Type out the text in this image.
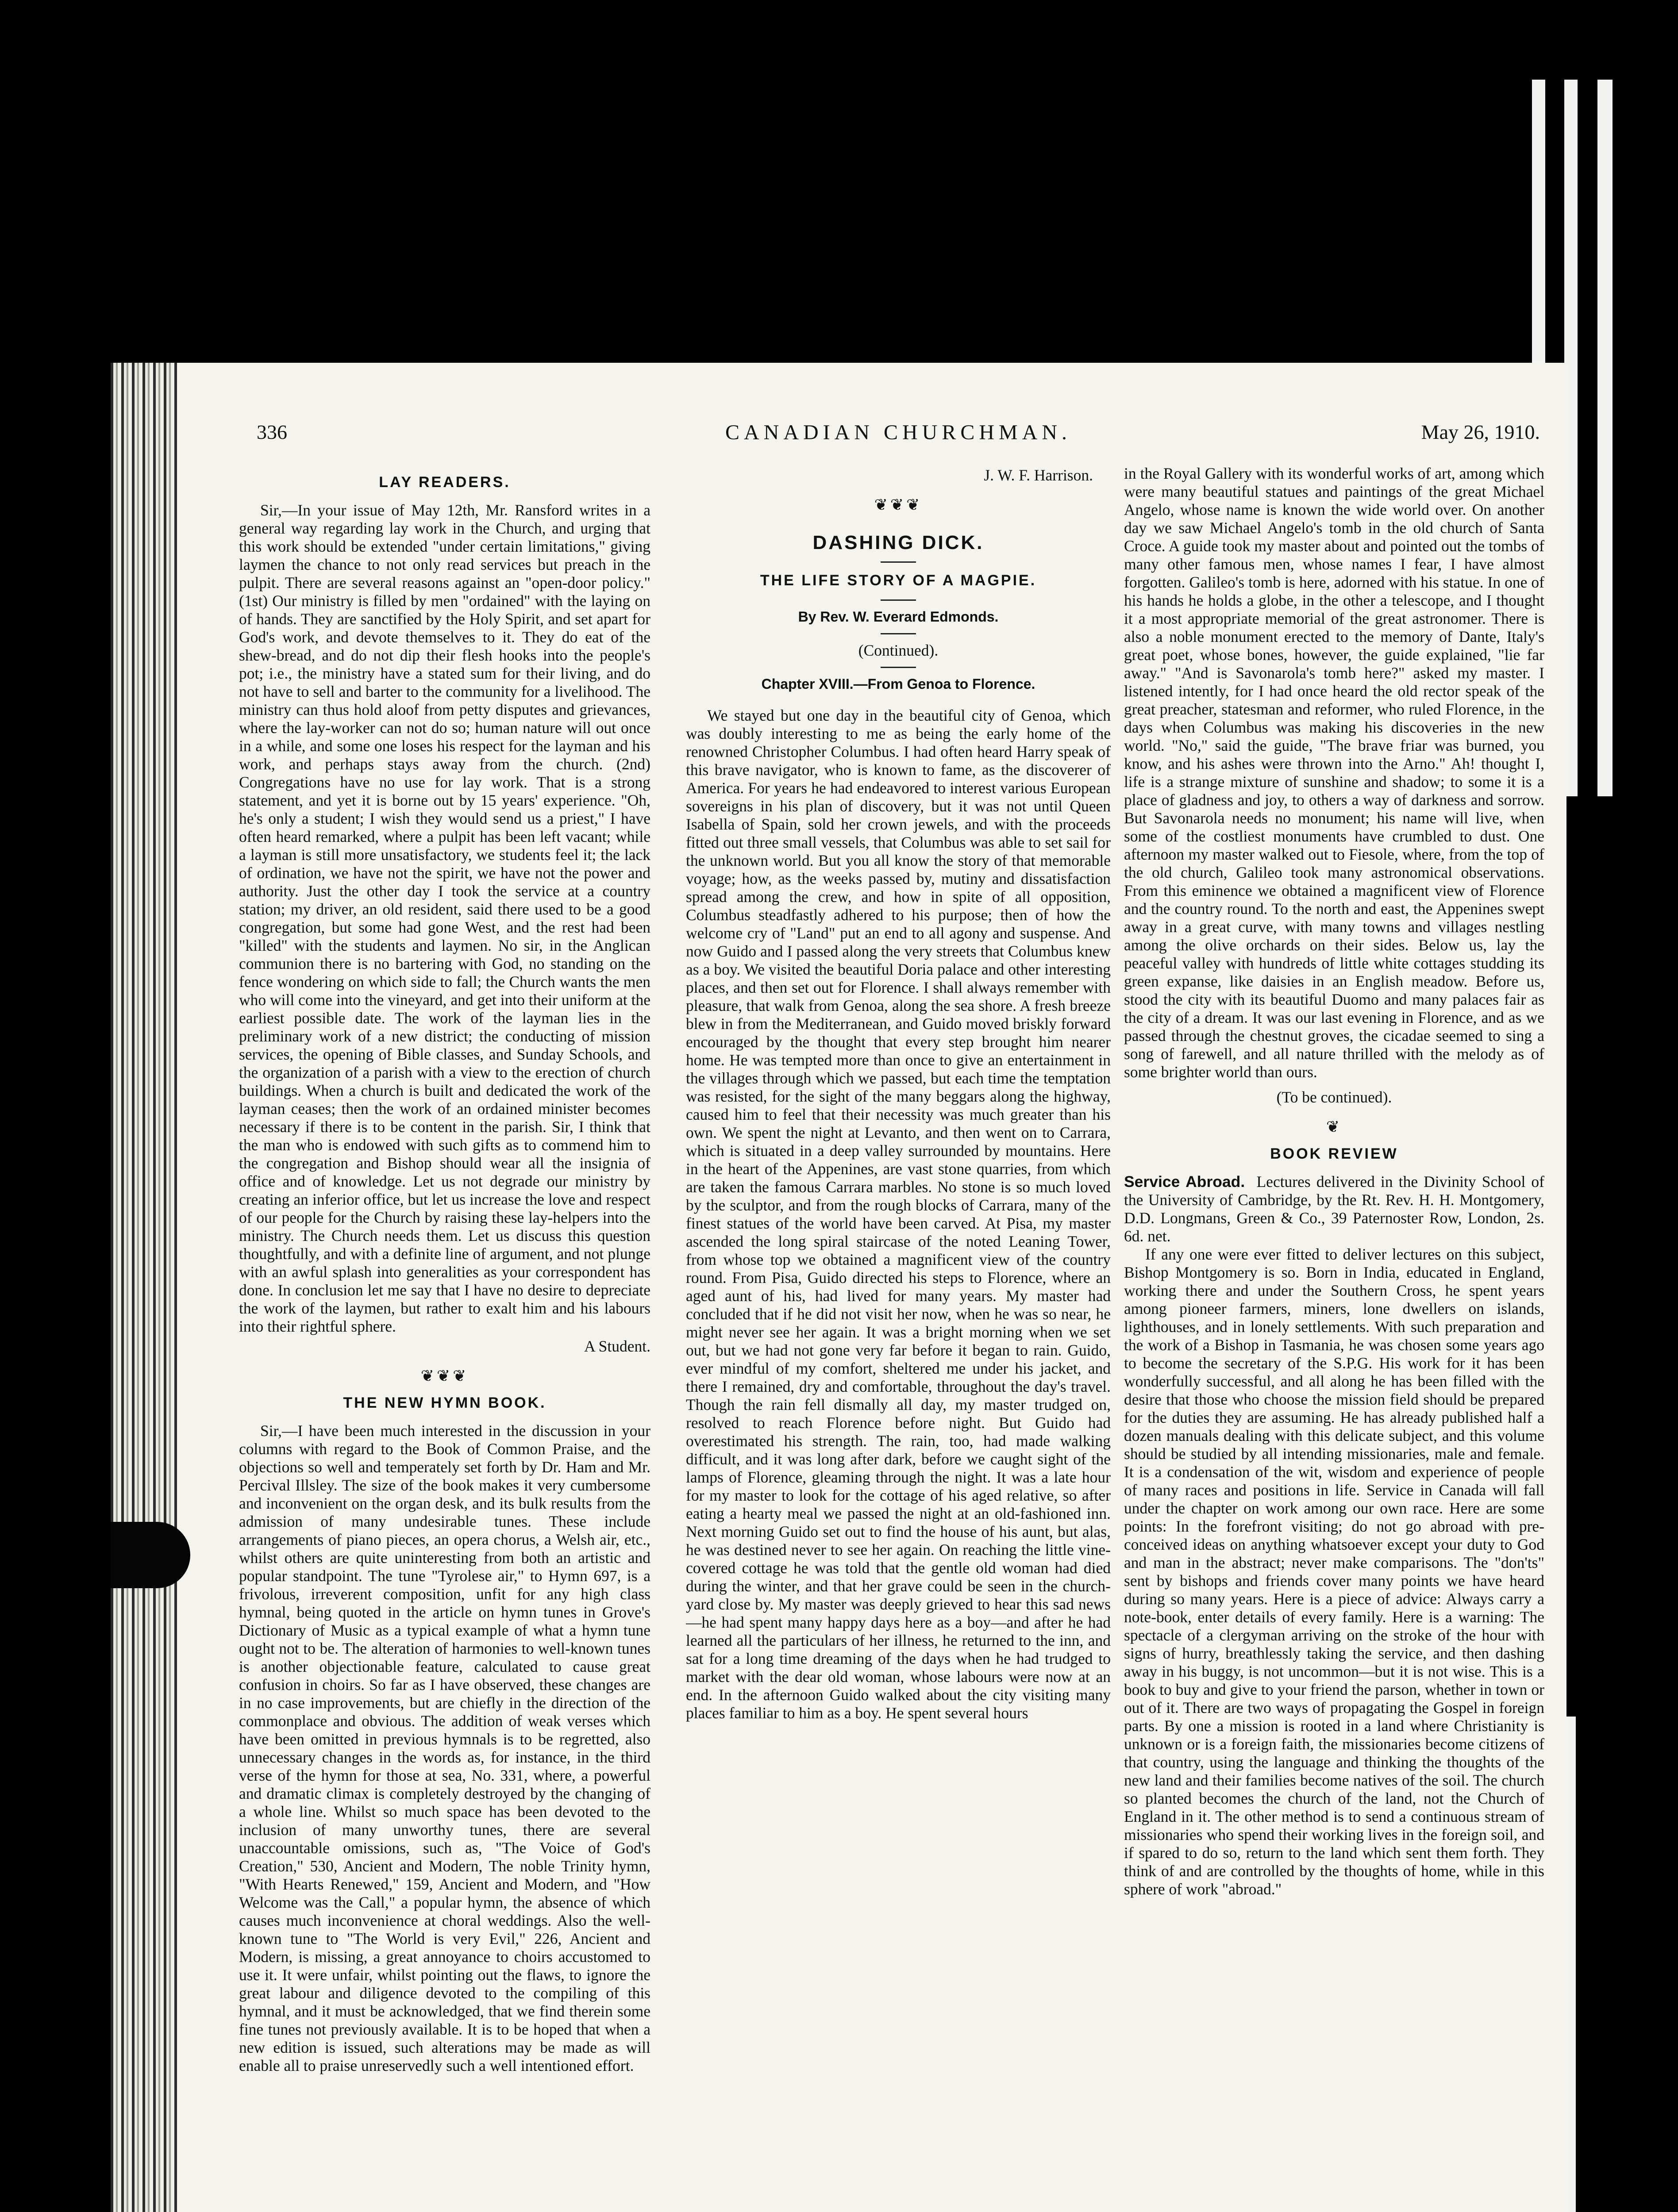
336	CANADIAN CHURCHMAN.	May 26, 1910.
LAY READERS.

Sir,—In your issue of May 12th, Mr. Ransford writes in a general way regarding lay work in the Church, and urging that this work should be extended "under certain limitations," giving laymen the chance to not only read services but preach in the pulpit. There are several reasons against an "open-door policy." (1st) Our ministry is filled by men "ordained" with the laying on of hands. They are sanctified by the Holy Spirit, and set apart for God's work, and devote themselves to it. They do eat of the shew-bread, and do not dip their flesh hooks into the people's pot; i.e., the ministry have a stated sum for their living, and do not have to sell and barter to the community for a livelihood. The ministry can thus hold aloof from petty disputes and grievances, where the lay-worker can not do so; human nature will out once in a while, and some one loses his respect for the layman and his work, and perhaps stays away from the church. (2nd) Congregations have no use for lay work. That is a strong statement, and yet it is borne out by 15 years' experience. "Oh, he's only a student; I wish they would send us a priest," I have often heard remarked, where a pulpit has been left vacant; while a layman is still more unsatisfactory, we students feel it; the lack of ordination, we have not the spirit, we have not the power and authority. Just the other day I took the service at a country station; my driver, an old resident, said there used to be a good congregation, but some had gone West, and the rest had been "killed" with the students and laymen. No sir, in the Anglican communion there is no bartering with God, no standing on the fence wondering on which side to fall; the Church wants the men who will come into the vineyard, and get into their uniform at the earliest possible date. The work of the layman lies in the preliminary work of a new district; the conducting of mission services, the opening of Bible classes, and Sunday Schools, and the organization of a parish with a view to the erection of church buildings. When a church is built and dedicated the work of the layman ceases; then the work of an ordained minister becomes necessary if there is to be content in the parish. Sir, I think that the man who is endowed with such gifts as to commend him to the congregation and Bishop should wear all the insignia of office and of knowledge. Let us not degrade our ministry by creating an inferior office, but let us increase the love and respect of our people for the Church by raising these lay-helpers into the ministry. The Church needs them. Let us discuss this question thoughtfully, and with a definite line of argument, and not plunge with an awful splash into generalities as your correspondent has done. In conclusion let me say that I have no desire to depreciate the work of the laymen, but rather to exalt him and his labours into their rightful sphere.

A Student.
❦❦❦
THE NEW HYMN BOOK.

Sir,—I have been much interested in the discussion in your columns with regard to the Book of Common Praise, and the objections so well and temperately set forth by Dr. Ham and Mr. Percival Illsley. The size of the book makes it very cumbersome and inconvenient on the organ desk, and its bulk results from the admission of many undesirable tunes. These include arrangements of piano pieces, an opera chorus, a Welsh air, etc., whilst others are quite uninteresting from both an artistic and popular standpoint. The tune "Tyrolese air," to Hymn 697, is a frivolous, irreverent composition, unfit for any high class hymnal, being quoted in the article on hymn tunes in Grove's Dictionary of Music as a typical example of what a hymn tune ought not to be. The alteration of harmonies to well-known tunes is another objectionable feature, calculated to cause great confusion in choirs. So far as I have observed, these changes are in no case improvements, but are chiefly in the direction of the commonplace and obvious. The addition of weak verses which have been omitted in previous hymnals is to be regretted, also unnecessary changes in the words as, for instance, in the third verse of the hymn for those at sea, No. 331, where, a powerful and dramatic climax is completely destroyed by the changing of a whole line. Whilst so much space has been devoted to the inclusion of many unworthy tunes, there are several unaccountable omissions, such as, "The Voice of God's Creation," 530, Ancient and Modern, The noble Trinity hymn, "With Hearts Renewed," 159, Ancient and Modern, and "How Welcome was the Call," a popular hymn, the absence of which causes much inconvenience at choral weddings. Also the well-known tune to "The World is very Evil," 226, Ancient and Modern, is missing, a great annoyance to choirs accustomed to use it. It were unfair, whilst pointing out the flaws, to ignore the great labour and diligence devoted to the compiling of this hymnal, and it must be acknowledged, that we find therein some fine tunes not previously available. It is to be hoped that when a new edition is issued, such alterations may be made as will enable all to praise unreservedly such a well intentioned effort.

J. W. F. Harrison.
❦❦❦
DASHING DICK.
THE LIFE STORY OF A MAGPIE.
By Rev. W. Everard Edmonds.
(Continued).
Chapter XVIII.—From Genoa to Florence.

We stayed but one day in the beautiful city of Genoa, which was doubly interesting to me as being the early home of the renowned Christopher Columbus. I had often heard Harry speak of this brave navigator, who is known to fame, as the discoverer of America. For years he had endeavored to interest various European sovereigns in his plan of discovery, but it was not until Queen Isabella of Spain, sold her crown jewels, and with the proceeds fitted out three small vessels, that Columbus was able to set sail for the unknown world. But you all know the story of that memorable voyage; how, as the weeks passed by, mutiny and dissatisfaction spread among the crew, and how in spite of all opposition, Columbus steadfastly adhered to his purpose; then of how the welcome cry of "Land" put an end to all agony and suspense. And now Guido and I passed along the very streets that Columbus knew as a boy. We visited the beautiful Doria palace and other interesting places, and then set out for Florence. I shall always remember with pleasure, that walk from Genoa, along the sea shore. A fresh breeze blew in from the Mediterranean, and Guido moved briskly forward encouraged by the thought that every step brought him nearer home. He was tempted more than once to give an entertainment in the villages through which we passed, but each time the temptation was resisted, for the sight of the many beggars along the highway, caused him to feel that their necessity was much greater than his own. We spent the night at Levanto, and then went on to Carrara, which is situated in a deep valley surrounded by mountains. Here in the heart of the Appenines, are vast stone quarries, from which are taken the famous Carrara marbles. No stone is so much loved by the sculptor, and from the rough blocks of Carrara, many of the finest statues of the world have been carved. At Pisa, my master ascended the long spiral staircase of the noted Leaning Tower, from whose top we obtained a magnificent view of the country round. From Pisa, Guido directed his steps to Florence, where an aged aunt of his, had lived for many years. My master had concluded that if he did not visit her now, when he was so near, he might never see her again. It was a bright morning when we set out, but we had not gone very far before it began to rain. Guido, ever mindful of my comfort, sheltered me under his jacket, and there I remained, dry and comfortable, throughout the day's travel. Though the rain fell dismally all day, my master trudged on, resolved to reach Florence before night. But Guido had overestimated his strength. The rain, too, had made walking difficult, and it was long after dark, before we caught sight of the lamps of Florence, gleaming through the night. It was a late hour for my master to look for the cottage of his aged relative, so after eating a hearty meal we passed the night at an old-fashioned inn. Next morning Guido set out to find the house of his aunt, but alas, he was destined never to see her again. On reaching the little vine-covered cottage he was told that the gentle old woman had died during the winter, and that her grave could be seen in the church-yard close by. My master was deeply grieved to hear this sad news—he had spent many happy days here as a boy—and after he had learned all the particulars of her illness, he returned to the inn, and sat for a long time dreaming of the days when he had trudged to market with the dear old woman, whose labours were now at an end. In the afternoon Guido walked about the city visiting many places familiar to him as a boy. He spent several hours

in the Royal Gallery with its wonderful works of art, among which were many beautiful statues and paintings of the great Michael Angelo, whose name is known the wide world over. On another day we saw Michael Angelo's tomb in the old church of Santa Croce. A guide took my master about and pointed out the tombs of many other famous men, whose names I fear, I have almost forgotten. Galileo's tomb is here, adorned with his statue. In one of his hands he holds a globe, in the other a telescope, and I thought it a most appropriate memorial of the great astronomer. There is also a noble monument erected to the memory of Dante, Italy's great poet, whose bones, however, the guide explained, "lie far away." "And is Savonarola's tomb here?" asked my master. I listened intently, for I had once heard the old rector speak of the great preacher, statesman and reformer, who ruled Florence, in the days when Columbus was making his discoveries in the new world. "No," said the guide, "The brave friar was burned, you know, and his ashes were thrown into the Arno." Ah! thought I, life is a strange mixture of sunshine and shadow; to some it is a place of gladness and joy, to others a way of darkness and sorrow. But Savonarola needs no monument; his name will live, when some of the costliest monuments have crumbled to dust. One afternoon my master walked out to Fiesole, where, from the top of the old church, Galileo took many astronomical observations. From this eminence we obtained a magnificent view of Florence and the country round. To the north and east, the Appenines swept away in a great curve, with many towns and villages nestling among the olive orchards on their sides. Below us, lay the peaceful valley with hundreds of little white cottages studding its green expanse, like daisies in an English meadow. Before us, stood the city with its beautiful Duomo and many palaces fair as the city of a dream. It was our last evening in Florence, and as we passed through the chestnut groves, the cicadae seemed to sing a song of farewell, and all nature thrilled with the melody as of some brighter world than ours.

(To be continued).
❦
BOOK REVIEW

Service Abroad. Lectures delivered in the Divinity School of the University of Cambridge, by the Rt. Rev. H. H. Montgomery, D.D. Longmans, Green & Co., 39 Paternoster Row, London, 2s. 6d. net.

If any one were ever fitted to deliver lectures on this subject, Bishop Montgomery is so. Born in India, educated in England, working there and under the Southern Cross, he spent years among pioneer farmers, miners, lone dwellers on islands, lighthouses, and in lonely settlements. With such preparation and the work of a Bishop in Tasmania, he was chosen some years ago to become the secretary of the S.P.G. His work for it has been wonderfully successful, and all along he has been filled with the desire that those who choose the mission field should be prepared for the duties they are assuming. He has already published half a dozen manuals dealing with this delicate subject, and this volume should be studied by all intending missionaries, male and female. It is a condensation of the wit, wisdom and experience of people of many races and positions in life. Service in Canada will fall under the chapter on work among our own race. Here are some points: In the forefront visiting; do not go abroad with pre-conceived ideas on anything whatsoever except your duty to God and man in the abstract; never make comparisons. The "don'ts" sent by bishops and friends cover many points we have heard during so many years. Here is a piece of advice: Always carry a note-book, enter details of every family. Here is a warning: The spectacle of a clergyman arriving on the stroke of the hour with signs of hurry, breathlessly taking the service, and then dashing away in his buggy, is not uncommon—but it is not wise. This is a book to buy and give to your friend the parson, whether in town or out of it. There are two ways of propagating the Gospel in foreign parts. By one a mission is rooted in a land where Christianity is unknown or is a foreign faith, the missionaries become citizens of that country, using the language and thinking the thoughts of the new land and their families become natives of the soil. The church so planted becomes the church of the land, not the Church of England in it. The other method is to send a continuous stream of missionaries who spend their working lives in the foreign soil, and if spared to do so, return to the land which sent them forth. They think of and are controlled by the thoughts of home, while in this sphere of work "abroad."
